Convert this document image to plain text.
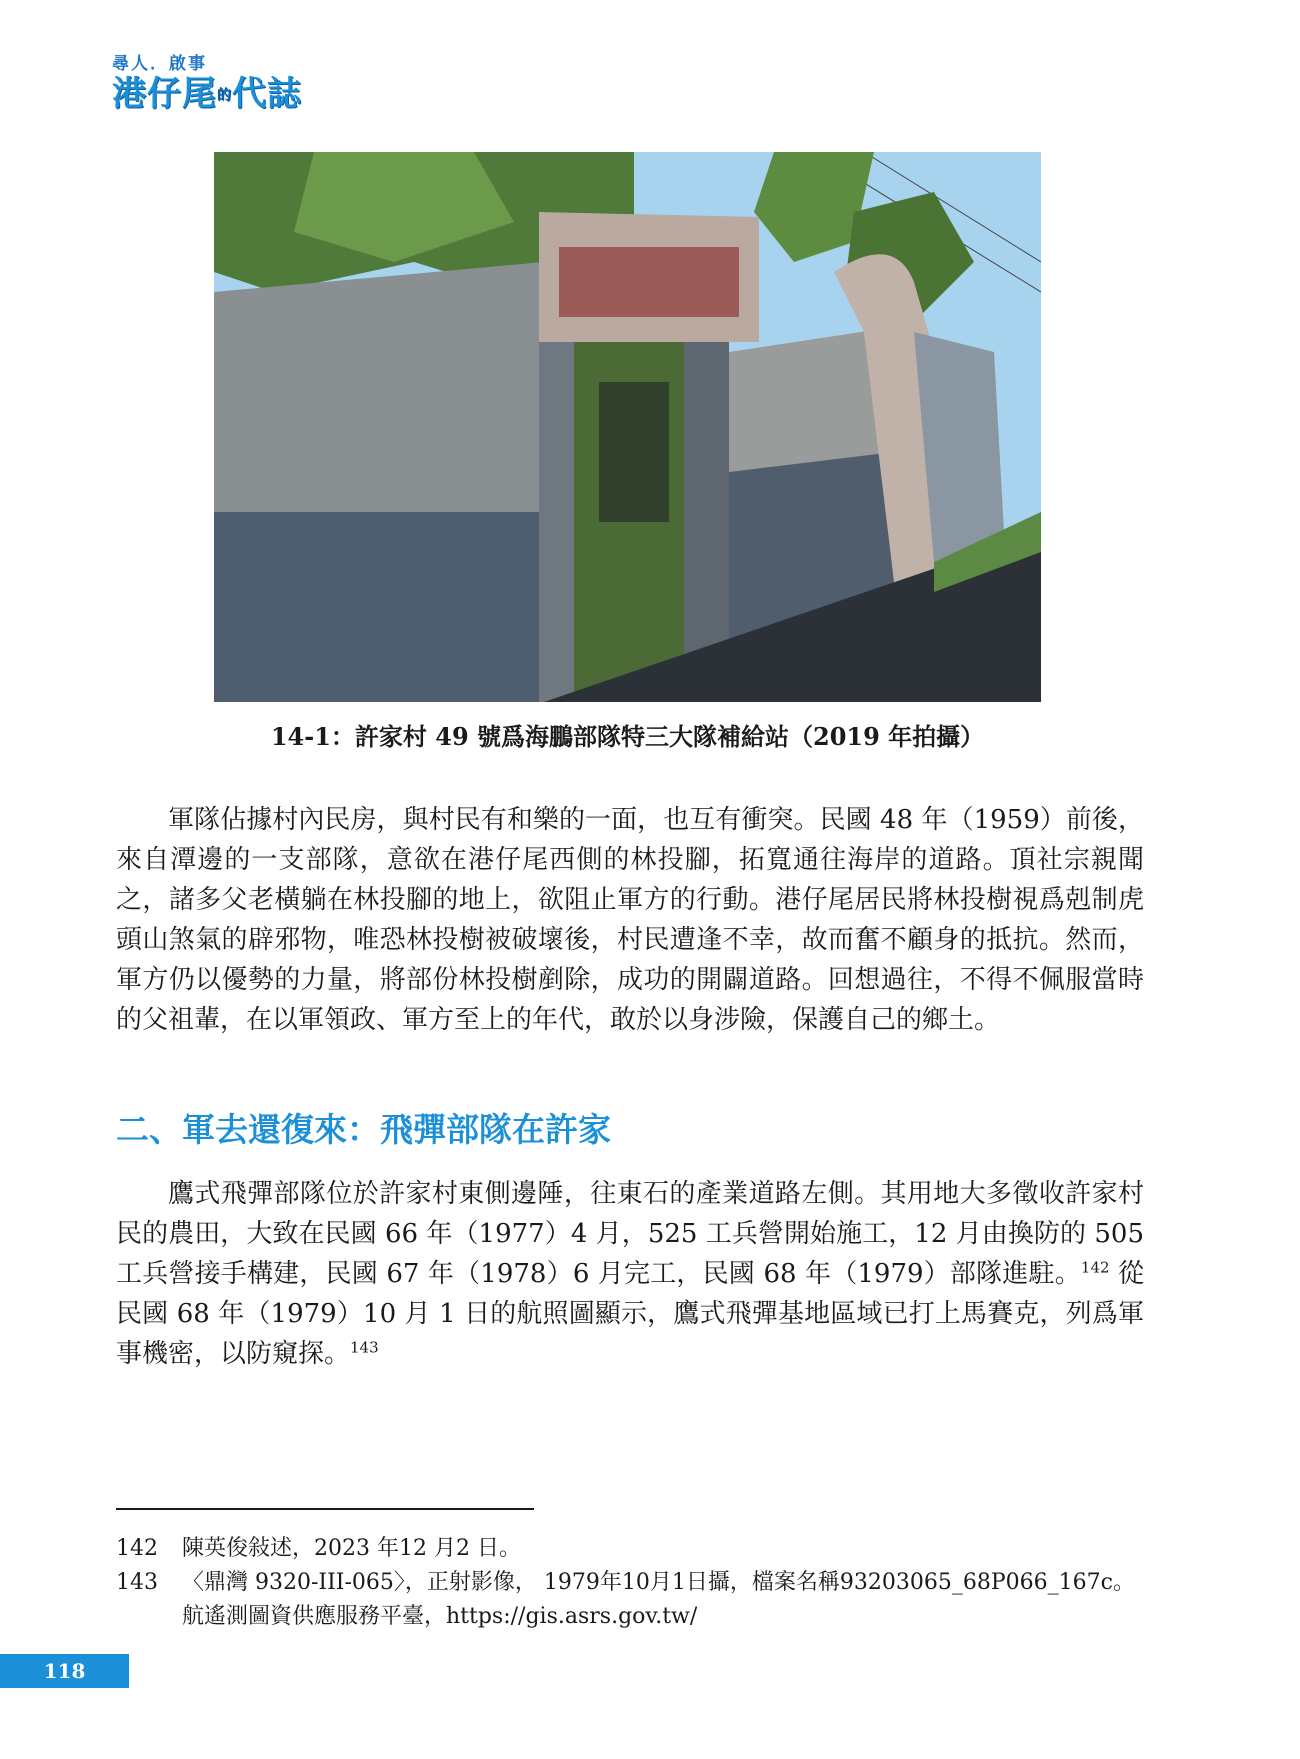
尋人．啟事
港仔尾的代誌
14-1：許家村 49 號爲海鵬部隊特三大隊補給站（2019 年拍攝）
軍隊佔據村內民房，與村民有和樂的一面，也互有衝突。民國 48 年（1959）前後，來自潭邊的一支部隊，意欲在港仔尾西側的林投腳，拓寬通往海岸的道路。頂社宗親聞之，諸多父老橫躺在林投腳的地上，欲阻止軍方的行動。港仔尾居民將林投樹視爲剋制虎頭山煞氣的辟邪物，唯恐林投樹被破壞後，村民遭逢不幸，故而奮不顧身的抵抗。然而，軍方仍以優勢的力量，將部份林投樹剷除，成功的開闢道路。回想過往，不得不佩服當時的父祖輩，在以軍領政、軍方至上的年代，敢於以身涉險，保護自己的鄉土。
二、軍去還復來：飛彈部隊在許家
鷹式飛彈部隊位於許家村東側邊陲，往東石的產業道路左側。其用地大多徵收許家村民的農田，大致在民國 66 年（1977）4 月，525 工兵營開始施工，12 月由換防的 505 工兵營接手構建，民國 67 年（1978）6 月完工，民國 68 年（1979）部隊進駐。$^{142}$ 從民國 68 年（1979）10 月 1 日的航照圖顯示，鷹式飛彈基地區域已打上馬賽克，列爲軍事機密，以防窺探。$^{143}$
142	陳英俊敍述，2023 年12 月2 日。
143	〈鼎灣 9320-III-065〉，正射影像， 1979年10月1日攝，檔案名稱93203065_68P066_167c。航遙測圖資供應服務平臺，https://gis.asrs.gov.tw/
118
